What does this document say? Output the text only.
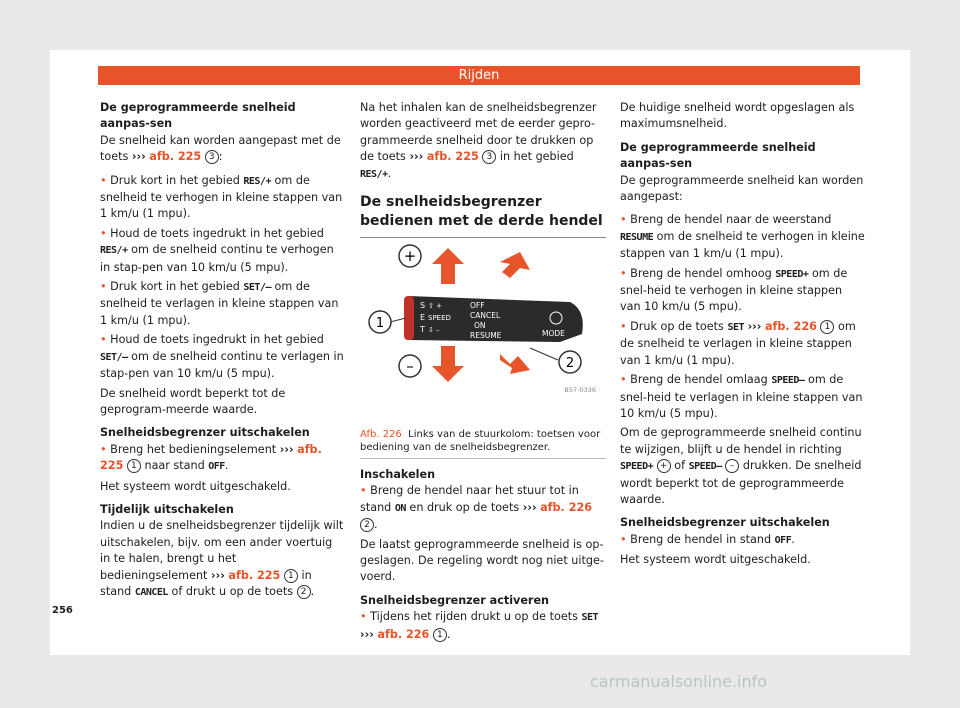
Rijden

De geprogrammeerde snelheid aanpas-sen

De snelheid kan worden aangepast met de toets ››› afb. 225 3 :

• Druk kort in het gebied RES/+ om de snelheid te verhogen in kleine stappen van 1 km/u (1 mpu).

• Houd de toets ingedrukt in het gebied RES/+ om de snelheid continu te verhogen in stap-pen van 10 km/u (5 mpu).

• Druk kort in het gebied SET/– om de snelheid te verlagen in kleine stappen van 1 km/u (1 mpu).

• Houd de toets ingedrukt in het gebied SET/– om de snelheid continu te verlagen in stap-pen van 10 km/u (5 mpu).

De snelheid wordt beperkt tot de geprogram-meerde waarde.

Snelheidsbegrenzer uitschakelen

• Breng het bedieningselement ››› afb. 225 1 naar stand OFF.

Het systeem wordt uitgeschakeld.

Tijdelijk uitschakelen

Indien u de snelheidsbegrenzer tijdelijk wilt uitschakelen, bijv. om een ander voertuig in te halen, brengt u het bedieningselement ››› afb. 225 1 in stand CANCEL of drukt u op de toets 2 .

Na het inhalen kan de snelheidsbegrenzer worden geactiveerd met de eerder gepro-grammeerde snelheid door te drukken op de toets ››› afb. 225 3 in het gebied RES/+.

De snelheidsbegrenzer bedienen met de derde hendel
+
–
S
E
T
⇧ +
SPEED
⇩ –
OFF
CANCEL
ON
RESUME	MODE
1
2
B57-0336
Afb. 226 Links van de stuurkolom: toetsen voor bediening van de snelheidsbegrenzer.

Inschakelen

• Breng de hendel naar het stuur tot in stand ON en druk op de toets ››› afb. 226 2 .

De laatst geprogrammeerde snelheid is op-geslagen. De regeling wordt nog niet uitge-voerd.

Snelheidsbegrenzer activeren

• Tijdens het rijden drukt u op de toets SET ››› afb. 226 1 .

De huidige snelheid wordt opgeslagen als maximumsnelheid.

De geprogrammeerde snelheid aanpas-sen

De geprogrammeerde snelheid kan worden aangepast:

• Breng de hendel naar de weerstand RESUME om de snelheid te verhogen in kleine stappen van 1 km/u (1 mpu).

• Breng de hendel omhoog SPEED+ om de snel-heid te verhogen in kleine stappen van 10 km/u (5 mpu).

• Druk op de toets SET ››› afb. 226 1 om de snelheid te verlagen in kleine stappen van 1 km/u (1 mpu).

• Breng de hendel omlaag SPEED– om de snel-heid te verlagen in kleine stappen van 10 km/u (5 mpu).

Om de geprogrammeerde snelheid continu te wijzigen, blijft u de hendel in richting SPEED+ + of SPEED– – drukken. De snelheid wordt beperkt tot de geprogrammeerde waarde.

Snelheidsbegrenzer uitschakelen

• Breng de hendel in stand OFF.

Het systeem wordt uitgeschakeld.

256
carmanualsonline.info
